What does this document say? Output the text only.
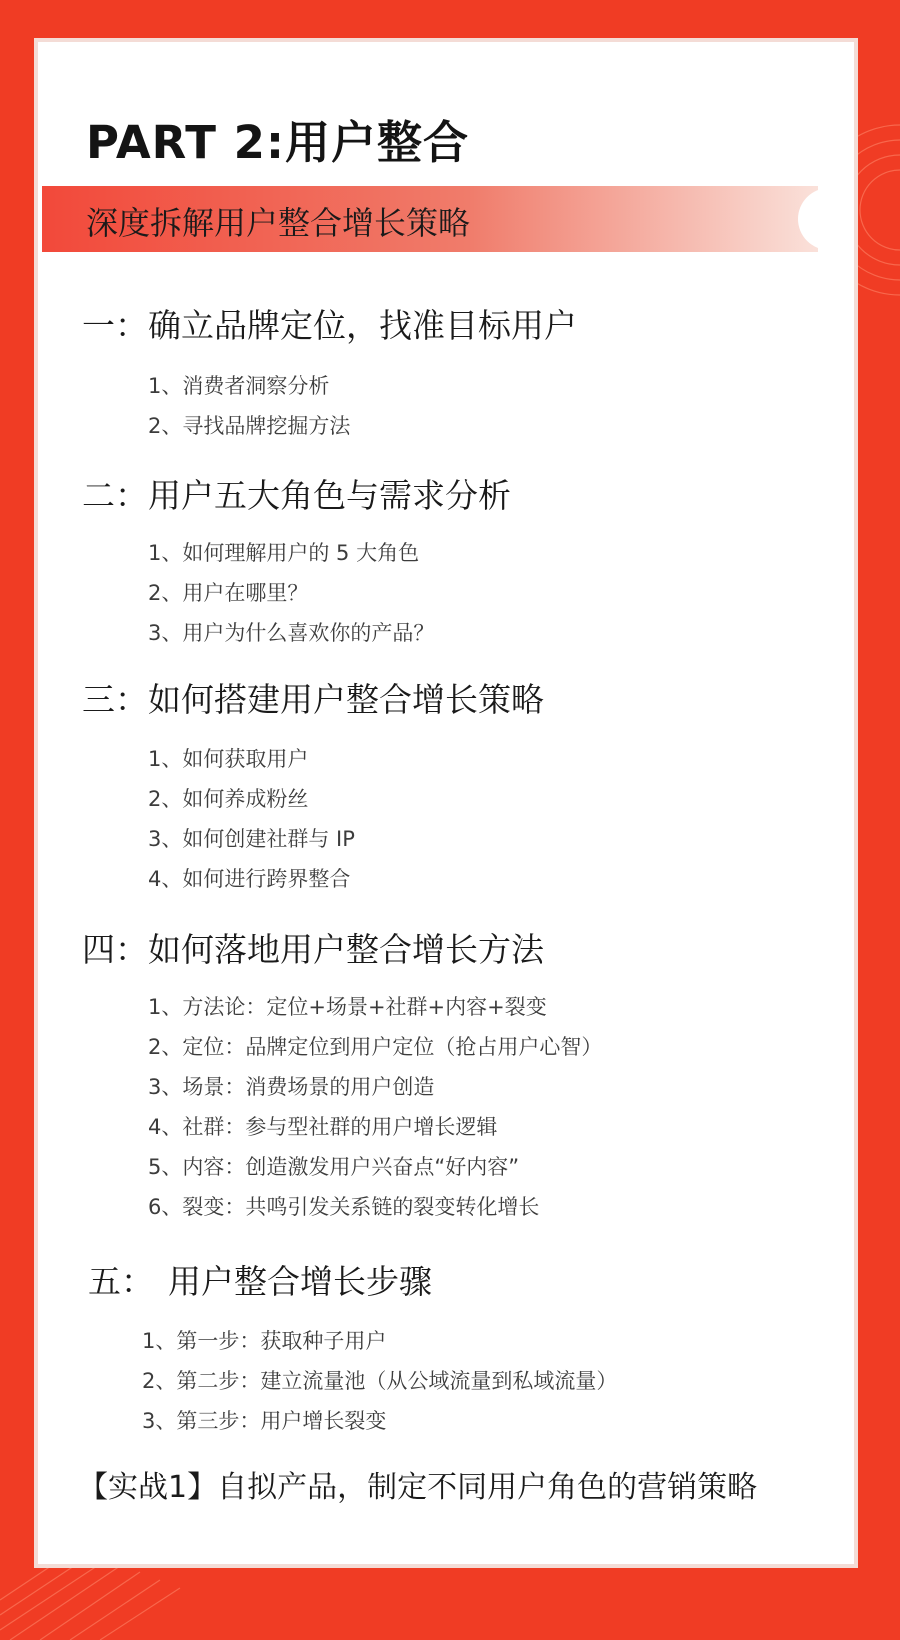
PART 2:用户整合
深度拆解用户整合增长策略
一：确立品牌定位，找准目标用户

1、消费者洞察分析

2、寻找品牌挖掘方法

二：用户五大角色与需求分析

1、如何理解用户的 5 大角色

2、用户在哪里？

3、用户为什么喜欢你的产品？

三：如何搭建用户整合增长策略

1、如何获取用户

2、如何养成粉丝

3、如何创建社群与 IP

4、如何进行跨界整合

四：如何落地用户整合增长方法

1、方法论：定位+场景+社群+内容+裂变

2、定位：品牌定位到用户定位（抢占用户心智）

3、场景：消费场景的用户创造

4、社群：参与型社群的用户增长逻辑

5、内容：创造激发用户兴奋点“好内容”

6、裂变：共鸣引发关系链的裂变转化增长

五： 用户整合增长步骤

1、第一步：获取种子用户

2、第二步：建立流量池（从公域流量到私域流量）

3、第三步：用户增长裂变

【实战1】自拟产品，制定不同用户角色的营销策略
